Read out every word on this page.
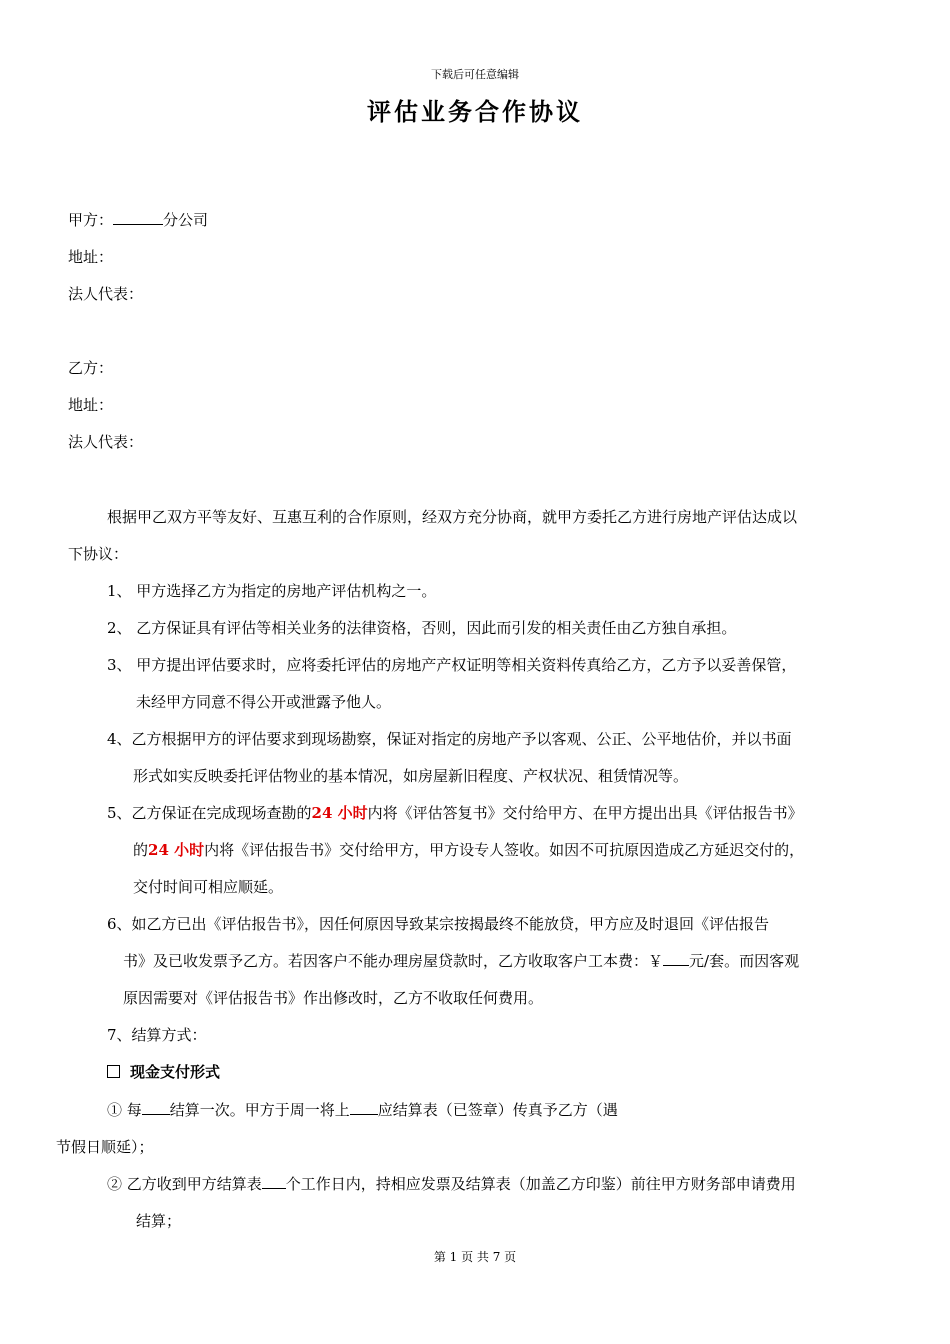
下载后可任意编辑
评估业务合作协议
甲方：	分公司
地址：
法人代表：
乙方：
地址：
法人代表：
根据甲乙双方平等友好、互惠互利的合作原则，经双方充分协商，就甲方委托乙方进行房地产评估达成以
下协议：
1、 甲方选择乙方为指定的房地产评估机构之一。
2、 乙方保证具有评估等相关业务的法律资格，否则，因此而引发的相关责任由乙方独自承担。
3、 甲方提出评估要求时，应将委托评估的房地产产权证明等相关资料传真给乙方，乙方予以妥善保管，
未经甲方同意不得公开或泄露予他人。
4、乙方根据甲方的评估要求到现场勘察，保证对指定的房地产予以客观、公正、公平地估价，并以书面
形式如实反映委托评估物业的基本情况，如房屋新旧程度、产权状况、租赁情况等。
5、乙方保证在完成现场查勘的24 小时内将《评估答复书》交付给甲方、在甲方提出出具《评估报告书》
的24 小时内将《评估报告书》交付给甲方，甲方设专人签收。如因不可抗原因造成乙方延迟交付的，
交付时间可相应顺延。
6、如乙方已出《评估报告书》，因任何原因导致某宗按揭最终不能放贷，甲方应及时退回《评估报告
书》及已收发票予乙方。若因客户不能办理房屋贷款时，乙方收取客户工本费：￥ 元/套。而因客观
原因需要对《评估报告书》作出修改时，乙方不收取任何费用。
7、结算方式：
现金支付形式
① 每 结算一次。甲方于周一将上 应结算表（已签章）传真予乙方（遇
节假日顺延）；
② 乙方收到甲方结算表 个工作日内，持相应发票及结算表（加盖乙方印鉴）前往甲方财务部申请费用
结算；
第 1 页 共 7 页
